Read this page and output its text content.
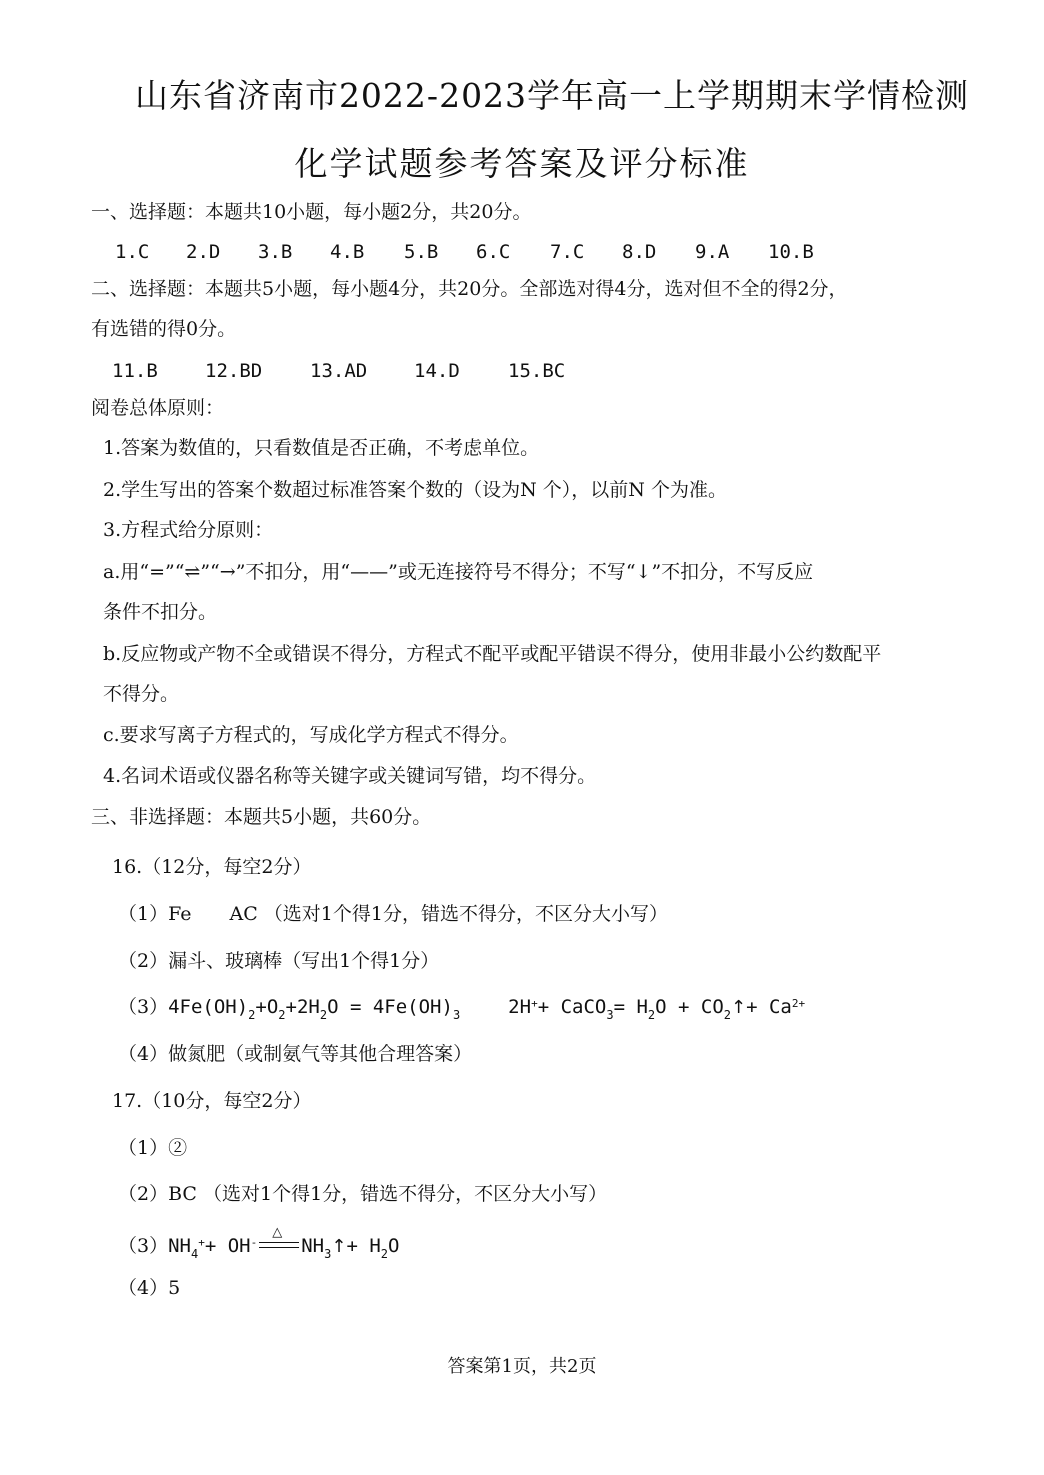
山东省济南市2022-2023学年高一上学期期末学情检测
化学试题参考答案及评分标准
一、选择题：本题共10小题，每小题2分，共20分。
1.C 2.D 3.B 4.B 5.B 6.C 7.C 8.D 9.A 10.B
二、选择题：本题共5小题，每小题4分，共20分。全部选对得4分，选对但不全的得2分，
有选错的得0分。
11.B 12.BD	13.AD 14.D	15.BC
阅卷总体原则：
1.答案为数值的，只看数值是否正确，不考虑单位。
2.学生写出的答案个数超过标准答案个数的（设为N 个），以前N 个为准。
3.方程式给分原则：
a.用“=”“⇌”“→”不扣分，用“——”或无连接符号不得分；不写“↓”不扣分，不写反应
条件不扣分。
b.反应物或产物不全或错误不得分，方程式不配平或配平错误不得分，使用非最小公约数配平
不得分。
c.要求写离子方程式的，写成化学方程式不得分。
4.名词术语或仪器名称等关键字或关键词写错，均不得分。
三、非选择题：本题共5小题，共60分。
16.（12分，每空2分）
（1）Fe　　AC （选对1个得1分，错选不得分，不区分大小写）
（2）漏斗、玻璃棒（写出1个得1分）
$(3)4Fe(OH)_2+O_2+2H_2O = 4Fe(OH)_3$	2H++ CaCO$_3$= $H_2O$ + $CO_2↑+ Ca^{2+}$
（4）做氮肥（或制氨气等其他合理答案）
17.（10分，每空2分）
（1）②
（2）BC （选对1个得1分，错选不得分，不区分大小写）
$(3)NH_4^++ OH^-$
△
$NH_3↑+ H_2O$
（4）5
答案第1页，共2页
